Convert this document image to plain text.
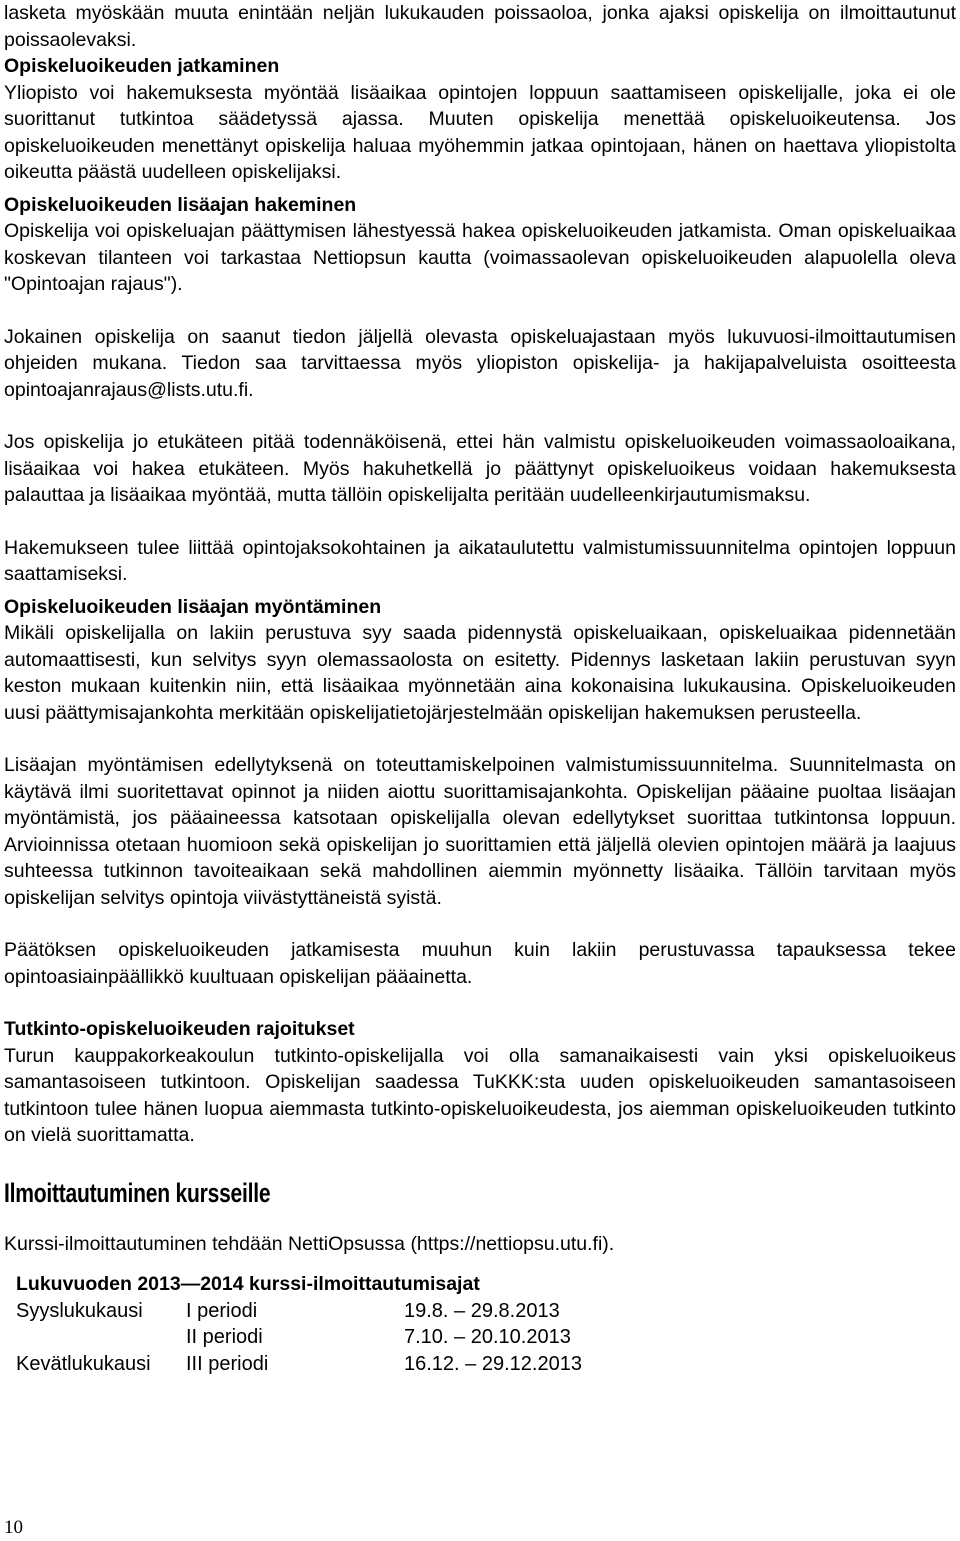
lasketa myöskään muuta enintään neljän lukukauden poissaoloa, jonka ajaksi opiskelija on ilmoittautunut poissaolevaksi.

Opiskeluoikeuden jatkaminen

Yliopisto voi hakemuksesta myöntää lisäaikaa opintojen loppuun saattamiseen opiskelijalle, joka ei ole suorittanut tutkintoa säädetyssä ajassa. Muuten opiskelija menettää opiskeluoikeutensa. Jos opiskeluoikeuden menettänyt opiskelija haluaa myöhemmin jatkaa opintojaan, hänen on haettava yliopistolta oikeutta päästä uudelleen opiskelijaksi.

Opiskeluoikeuden lisäajan hakeminen

Opiskelija voi opiskeluajan päättymisen lähestyessä hakea opiskeluoikeuden jatkamista. Oman opiskeluaikaa koskevan tilanteen voi tarkastaa Nettiopsun kautta (voimassaolevan opiskeluoikeuden alapuolella oleva "Opintoajan rajaus").

Jokainen opiskelija on saanut tiedon jäljellä olevasta opiskeluajastaan myös lukuvuosi-ilmoittautumisen ohjeiden mukana. Tiedon saa tarvittaessa myös yliopiston opiskelija- ja hakijapalveluista osoitteesta opintoajanrajaus@lists.utu.fi.

Jos opiskelija jo etukäteen pitää todennäköisenä, ettei hän valmistu opiskeluoikeuden voimassaoloaikana, lisäaikaa voi hakea etukäteen. Myös hakuhetkellä jo päättynyt opiskeluoikeus voidaan hakemuksesta palauttaa ja lisäaikaa myöntää, mutta tällöin opiskelijalta peritään uudelleenkirjautumismaksu.

Hakemukseen tulee liittää opintojaksokohtainen ja aikataulutettu valmistumissuunnitelma opintojen loppuun saattamiseksi.

Opiskeluoikeuden lisäajan myöntäminen

Mikäli opiskelijalla on lakiin perustuva syy saada pidennystä opiskeluaikaan, opiskeluaikaa pidennetään automaattisesti, kun selvitys syyn olemassaolosta on esitetty. Pidennys lasketaan lakiin perustuvan syyn keston mukaan kuitenkin niin, että lisäaikaa myönnetään aina kokonaisina lukukausina. Opiskeluoikeuden uusi päättymisajankohta merkitään opiskelijatietojärjestelmään opiskelijan hakemuksen perusteella.

Lisäajan myöntämisen edellytyksenä on toteuttamiskelpoinen valmistumissuunnitelma. Suunnitelmasta on käytävä ilmi suoritettavat opinnot ja niiden aiottu suorittamisajankohta. Opiskelijan pääaine puoltaa lisäajan myöntämistä, jos pääaineessa katsotaan opiskelijalla olevan edellytykset suorittaa tutkintonsa loppuun. Arvioinnissa otetaan huomioon sekä opiskelijan jo suorittamien että jäljellä olevien opintojen määrä ja laajuus suhteessa tutkinnon tavoiteaikaan sekä mahdollinen aiemmin myönnetty lisäaika. Tällöin tarvitaan myös opiskelijan selvitys opintoja viivästyttäneistä syistä.

Päätöksen opiskeluoikeuden jatkamisesta muuhun kuin lakiin perustuvassa tapauksessa tekee opintoasiainpäällikkö kuultuaan opiskelijan pääainetta.

Tutkinto-opiskeluoikeuden rajoitukset

Turun kauppakorkeakoulun tutkinto-opiskelijalla voi olla samanaikaisesti vain yksi opiskeluoikeus samantasoiseen tutkintoon. Opiskelijan saadessa TuKKK:sta uuden opiskeluoikeuden samantasoiseen tutkintoon tulee hänen luopua aiemmasta tutkinto-opiskeluoikeudesta, jos aiemman opiskeluoikeuden tutkinto on vielä suorittamatta.

Ilmoittautuminen kursseille

Kurssi-ilmoittautuminen tehdään NettiOpsussa (https://nettiopsu.utu.fi).

Lukuvuoden 2013—2014 kurssi-ilmoittautumisajat

Syyslukukausi	I periodi	19.8. – 29.8.2013
	II periodi	7.10. – 20.10.2013
Kevätlukukausi	III periodi	16.12. – 29.12.2013
10
